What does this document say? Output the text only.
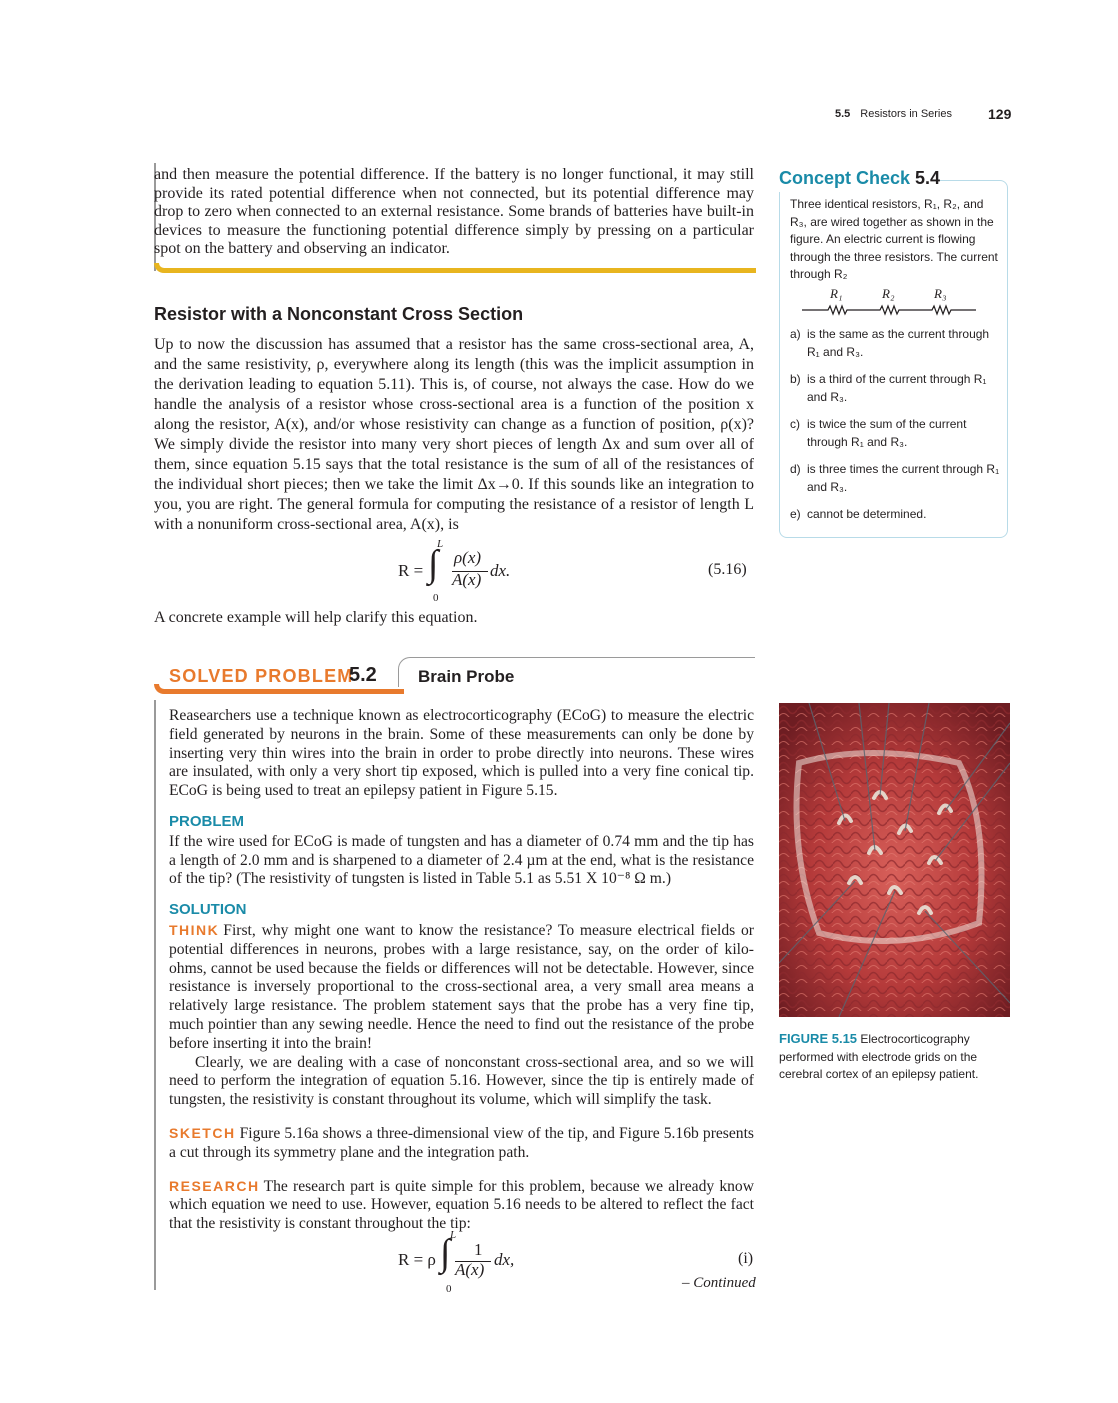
5.5 Resistors in Series	129
and then measure the potential difference. If the battery is no longer functional, it may still provide its rated potential difference when not connected, but its potential difference may drop to zero when connected to an external resistance. Some brands of batteries have built-in devices to measure the functioning potential difference simply by pressing on a particular spot on the battery and observing an indicator.
Resistor with a Nonconstant Cross Section

Up to now the discussion has assumed that a resistor has the same cross-sectional area, A, and the same resistivity, ρ, everywhere along its length (this was the implicit assumption in the derivation leading to equation 5.11). This is, of course, not always the case. How do we handle the analysis of a resistor whose cross-sectional area is a function of the position x along the resistor, A(x), and/or whose resistivity can change as a function of position, ρ(x)? We simply divide the resistor into many very short pieces of length Δx and sum over all of them, since equation 5.15 says that the total resistance is the sum of all of the resistances of the individual short pieces; then we take the limit Δx→0. If this sounds like an integration to you, you are right. The general formula for computing the resistance of a resistor of length L with a nonuniform cross-sectional area, A(x), is

R = ∫
L
0
ρ(x)
A(x) dx.	(5.16)
A concrete example will help clarify this equation.
SOLVED PROBLEM
5.2 Brain Probe

Reasearchers use a technique known as electrocorticography (ECoG) to measure the electric field generated by neurons in the brain. Some of these measurements can only be done by inserting very thin wires into the brain in order to probe directly into neurons. These wires are insulated, with only a very short tip exposed, which is pulled into a very fine conical tip. ECoG is being used to treat an epilepsy patient in Figure 5.15.

PROBLEM

If the wire used for ECoG is made of tungsten and has a diameter of 0.74 mm and the tip has a length of 2.0 mm and is sharpened to a diameter of 2.4 µm at the end, what is the resistance of the tip? (The resistivity of tungsten is listed in Table 5.1 as 5.51 X 10⁻⁸ Ω m.)

SOLUTION

THINK First, why might one want to know the resistance? To measure electrical fields or potential differences in neurons, probes with a large resistance, say, on the order of kilo-ohms, cannot be used because the fields or differences will not be detectable. However, since resistance is inversely proportional to the cross-sectional area, a very small area means a relatively large resistance. The problem statement says that the probe has a very fine tip, much pointier than any sewing needle. Hence the need to find out the resistance of the probe before inserting it into the brain!

Clearly, we are dealing with a case of nonconstant cross-sectional area, and so we will need to perform the integration of equation 5.16. However, since the tip is entirely made of tungsten, the resistivity is constant throughout its volume, which will simplify the task.

SKETCH Figure 5.16a shows a three-dimensional view of the tip, and Figure 5.16b presents a cut through its symmetry plane and the integration path.

RESEARCH The research part is quite simple for this problem, because we already know which equation we need to use. However, equation 5.16 needs to be altered to reflect the fact that the resistivity is constant throughout the tip:

R = ρ ∫ L
0
1
A(x)
dx,	(i)
– Continued
Concept Check 5.4
Three identical resistors, R₁, R₂, and R₃, are wired together as shown in the figure. An electric current is flowing through the three resistors. The current through R₂
R₁	R₂	R₃
a) is the same as the current through R₁ and R₃.
b) is a third of the current through R₁ and R₃.
c) is twice the sum of the current through R₁ and R₃.
d) is three times the current through R₁ and R₃.
e) cannot be determined.
FIGURE 5.15 Electrocorticography performed with electrode grids on the cerebral cortex of an epilepsy patient.
